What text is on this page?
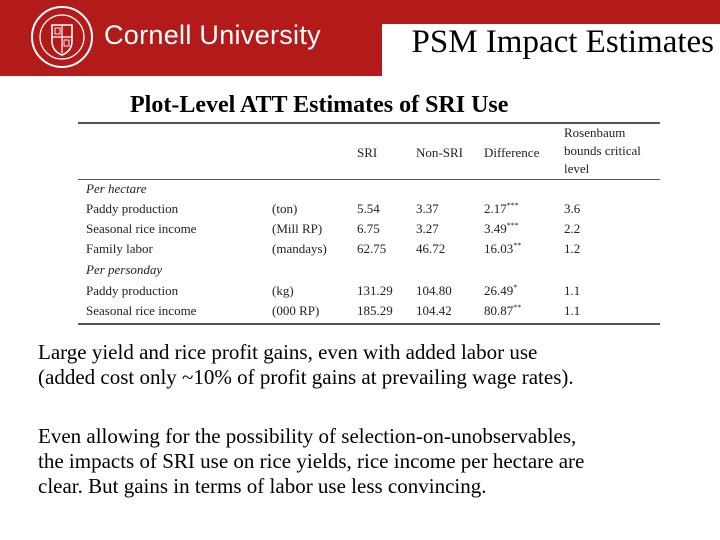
Cornell University	PSM Impact Estimates
Plot-Level ATT Estimates of SRI Use
SRI	Non-SRI Difference
Rosenbaum
bounds critical
level
Per hectare
Paddy production	(ton)	5.54	3.37	2.17***	3.6
Seasonal rice income	(Mill RP)	6.75	3.27	3.49***	2.2
Family labor	(mandays) 62.75 46.72	16.03**	1.2
Per personday
Paddy production	(kg)	131.29 104.80 26.49*	1.1
Seasonal rice income	(000 RP)	185.29 104.42 80.87**	1.1
Large yield and rice profit gains, even with added labor use
(added cost only ~10% of profit gains at prevailing wage rates).
Even allowing for the possibility of selection-on-unobservables,
the impacts of SRI use on rice yields, rice income per hectare are
clear. But gains in terms of labor use less convincing.
